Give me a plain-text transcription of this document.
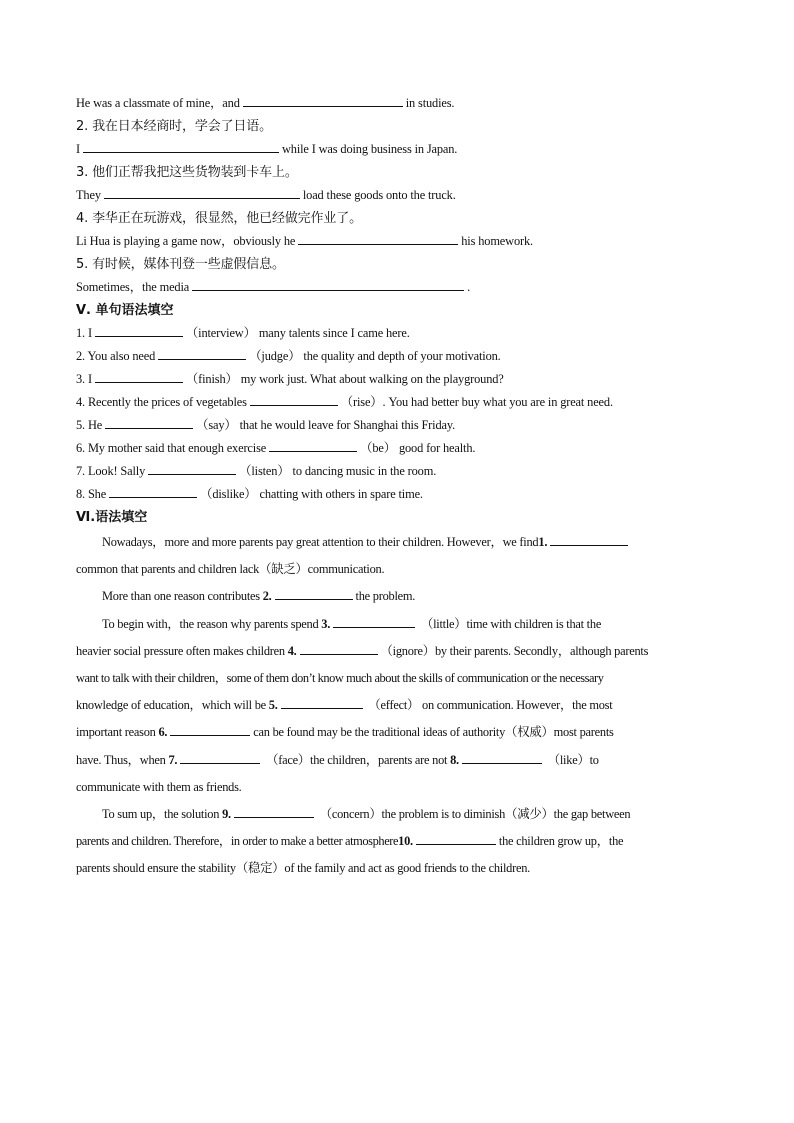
He was a classmate of mine，and	in studies.
2. 我在日本经商时，学会了日语。
I	while I was doing business in Japan.
3. 他们正帮我把这些货物装到卡车上。
They	load these goods onto the truck.
4. 李华正在玩游戏，很显然，他已经做完作业了。
Li Hua is playing a game now，obviously he	his homework.
5. 有时候，媒体刊登一些虚假信息。
Sometimes，the media	.
Ⅴ. 单句语法填空
1. I	（interview） many talents since I came here.
2. You also need	（judge） the quality and depth of your motivation.
3. I	（finish） my work just. What about walking on the playground?
4. Recently the prices of vegetables	（rise）. You had better buy what you are in great need.
5. He	（say） that he would leave for Shanghai this Friday.
6. My mother said that enough exercise	（be） good for health.
7. Look! Sally	（listen） to dancing music in the room.
8. She	（dislike） chatting with others in spare time.
Ⅵ.语法填空
Nowadays，more and more parents pay great attention to their children. However，we find1.
common that parents and children lack（缺乏）communication.
More than one reason contributes 2.	the problem.
To begin with，the reason why parents spend 3.	（little）time with children is that the
heavier social pressure often makes children 4.	（ignore）by their parents. Secondly，although parents
want to talk with their children，some of them don’t know much about the skills of communication or the necessary
knowledge of education，which will be 5.	（effect） on communication. However，the most
important reason 6.	can be found may be the traditional ideas of authority（权威）most parents
have. Thus，when 7.	（face）the children，parents are not 8.	（like）to
communicate with them as friends.
To sum up，the solution 9.	（concern）the problem is to diminish（减少）the gap between
parents and children. Therefore，in order to make a better atmosphere10.	the children grow up，the
parents should ensure the stability（稳定）of the family and act as good friends to the children.
